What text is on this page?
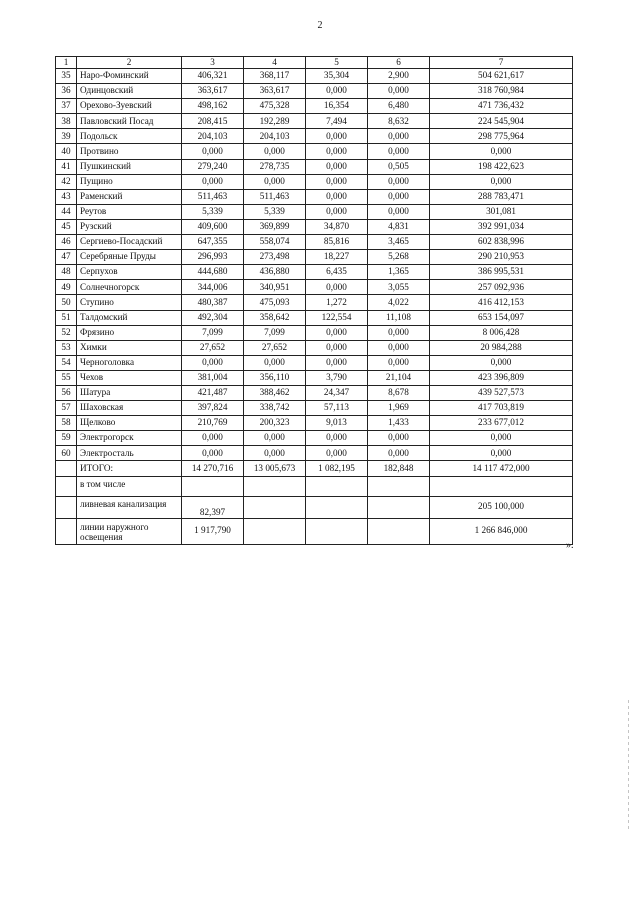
2
1	2	3	4	5	6	7
35	Наро-Фоминский	406,321	368,117	35,304	2,900	504 621,617
36	Одинцовский	363,617	363,617	0,000	0,000	318 760,984
37	Орехово-Зуевский	498,162	475,328	16,354	6,480	471 736,432
38	Павловский Посад	208,415	192,289	7,494	8,632	224 545,904
39	Подольск	204,103	204,103	0,000	0,000	298 775,964
40	Протвино	0,000	0,000	0,000	0,000	0,000
41	Пушкинский	279,240	278,735	0,000	0,505	198 422,623
42	Пущино	0,000	0,000	0,000	0,000	0,000
43	Раменский	511,463	511,463	0,000	0,000	288 783,471
44	Реутов	5,339	5,339	0,000	0,000	301,081
45	Рузский	409,600	369,899	34,870	4,831	392 991,034
46	Сергиево-Посадский	647,355	558,074	85,816	3,465	602 838,996
47	Серебряные Пруды	296,993	273,498	18,227	5,268	290 210,953
48	Серпухов	444,680	436,880	6,435	1,365	386 995,531
49	Солнечногорск	344,006	340,951	0,000	3,055	257 092,936
50	Ступино	480,387	475,093	1,272	4,022	416 412,153
51	Талдомский	492,304	358,642	122,554	11,108	653 154,097
52	Фрязино	7,099	7,099	0,000	0,000	8 006,428
53	Химки	27,652	27,652	0,000	0,000	20 984,288
54	Черноголовка	0,000	0,000	0,000	0,000	0,000
55	Чехов	381,004	356,110	3,790	21,104	423 396,809
56	Шатура	421,487	388,462	24,347	8,678	439 527,573
57	Шаховская	397,824	338,742	57,113	1,969	417 703,819
58	Щелково	210,769	200,323	9,013	1,433	233 677,012
59	Электрогорск	0,000	0,000	0,000	0,000	0,000
60	Электросталь	0,000	0,000	0,000	0,000	0,000
	ИТОГО:	14 270,716	13 005,673	1 082,195	182,848	14 117 472,000
	в том числе					
	ливневая канализация	82,397				205 100,000
	линии наружного освещения	1 917,790				1 266 846,000
».
